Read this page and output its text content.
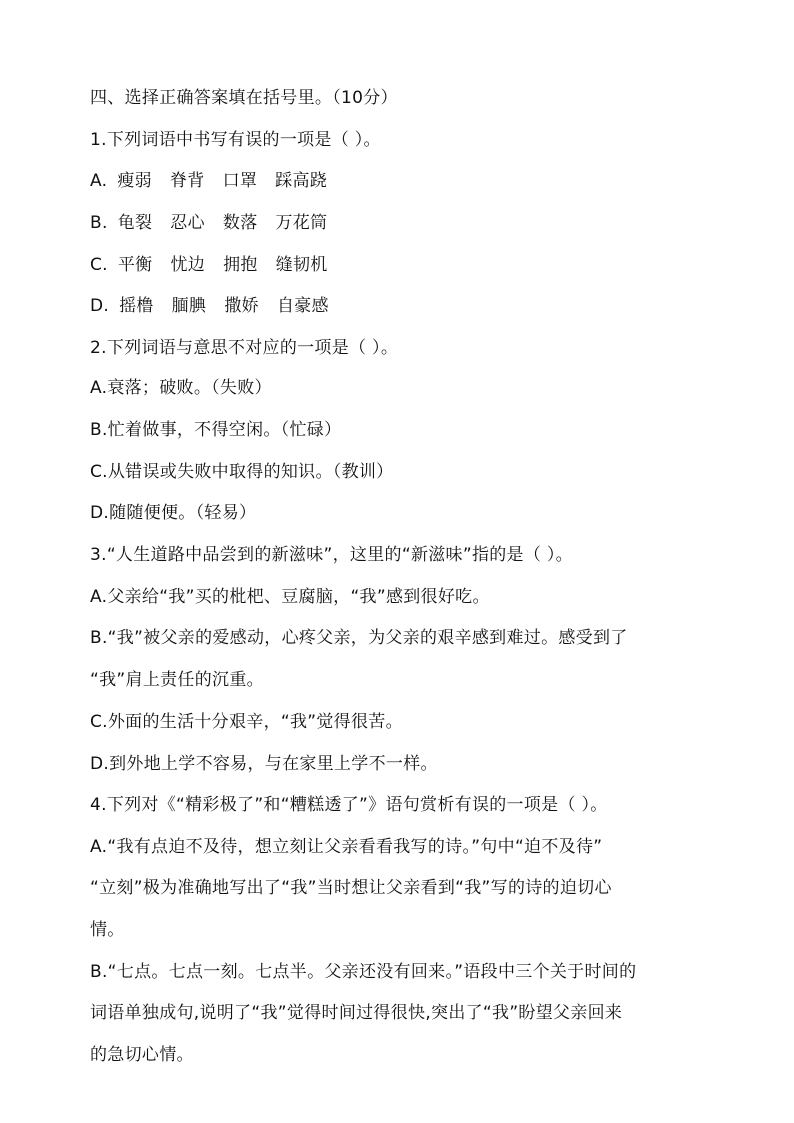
四、选择正确答案填在括号里。（10分）
1.下列词语中书写有误的一项是（ ）。
A. 瘦弱 脊背 口罩 踩高跷
B. 龟裂 忍心 数落 万花筒
C. 平衡 忧边 拥抱 缝韧机
D. 摇橹 腼腆 撒娇 自豪感
2.下列词语与意思不对应的一项是（ ）。
A.衰落；破败。（失败）
B.忙着做事，不得空闲。（忙碌）
C.从错误或失败中取得的知识。（教训）
D.随随便便。（轻易）
3.“人生道路中品尝到的新滋味”，这里的“新滋味”指的是（ ）。
A.父亲给“我”买的枇杷、豆腐脑，“我”感到很好吃。
B.“我”被父亲的爱感动，心疼父亲，为父亲的艰辛感到难过。感受到了
“我”肩上责任的沉重。
C.外面的生活十分艰辛，“我”觉得很苦。
D.到外地上学不容易，与在家里上学不一样。
4.下列对《“精彩极了”和“糟糕透了”》语句赏析有误的一项是（ ）。
A.“我有点迫不及待，想立刻让父亲看看我写的诗。”句中“迫不及待”
“立刻”极为准确地写出了“我”当时想让父亲看到“我”写的诗的迫切心
情。
B.“七点。七点一刻。七点半。父亲还没有回来。”语段中三个关于时间的
词语单独成句,说明了“我”觉得时间过得很快,突出了“我”盼望父亲回来
的急切心情。
